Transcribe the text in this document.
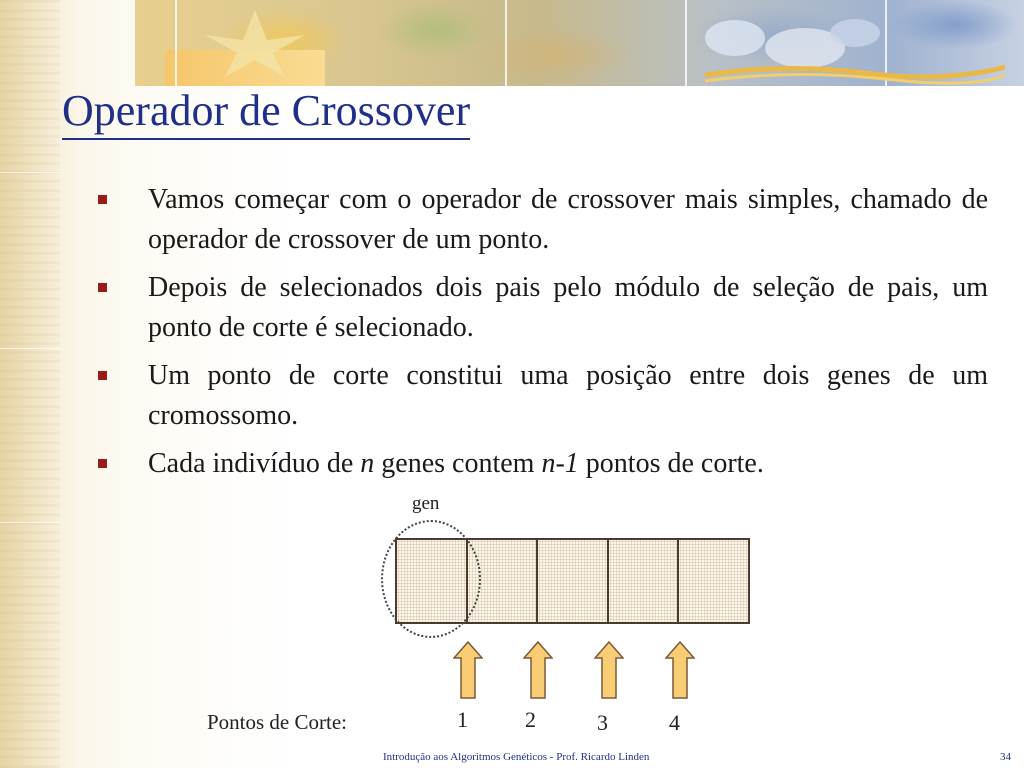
Operador de Crossover
Vamos começar com o operador de crossover mais simples, chamado de operador de crossover de um ponto.
Depois de selecionados dois pais pelo módulo de seleção de pais, um ponto de corte é selecionado.
Um ponto de corte constitui uma posição entre dois genes de um cromossomo.
Cada indivíduo de n genes contem n-1 pontos de corte.
gen
Pontos de Corte:	1	2	3	4
Introdução aos Algoritmos Genéticos - Prof. Ricardo Linden	34
